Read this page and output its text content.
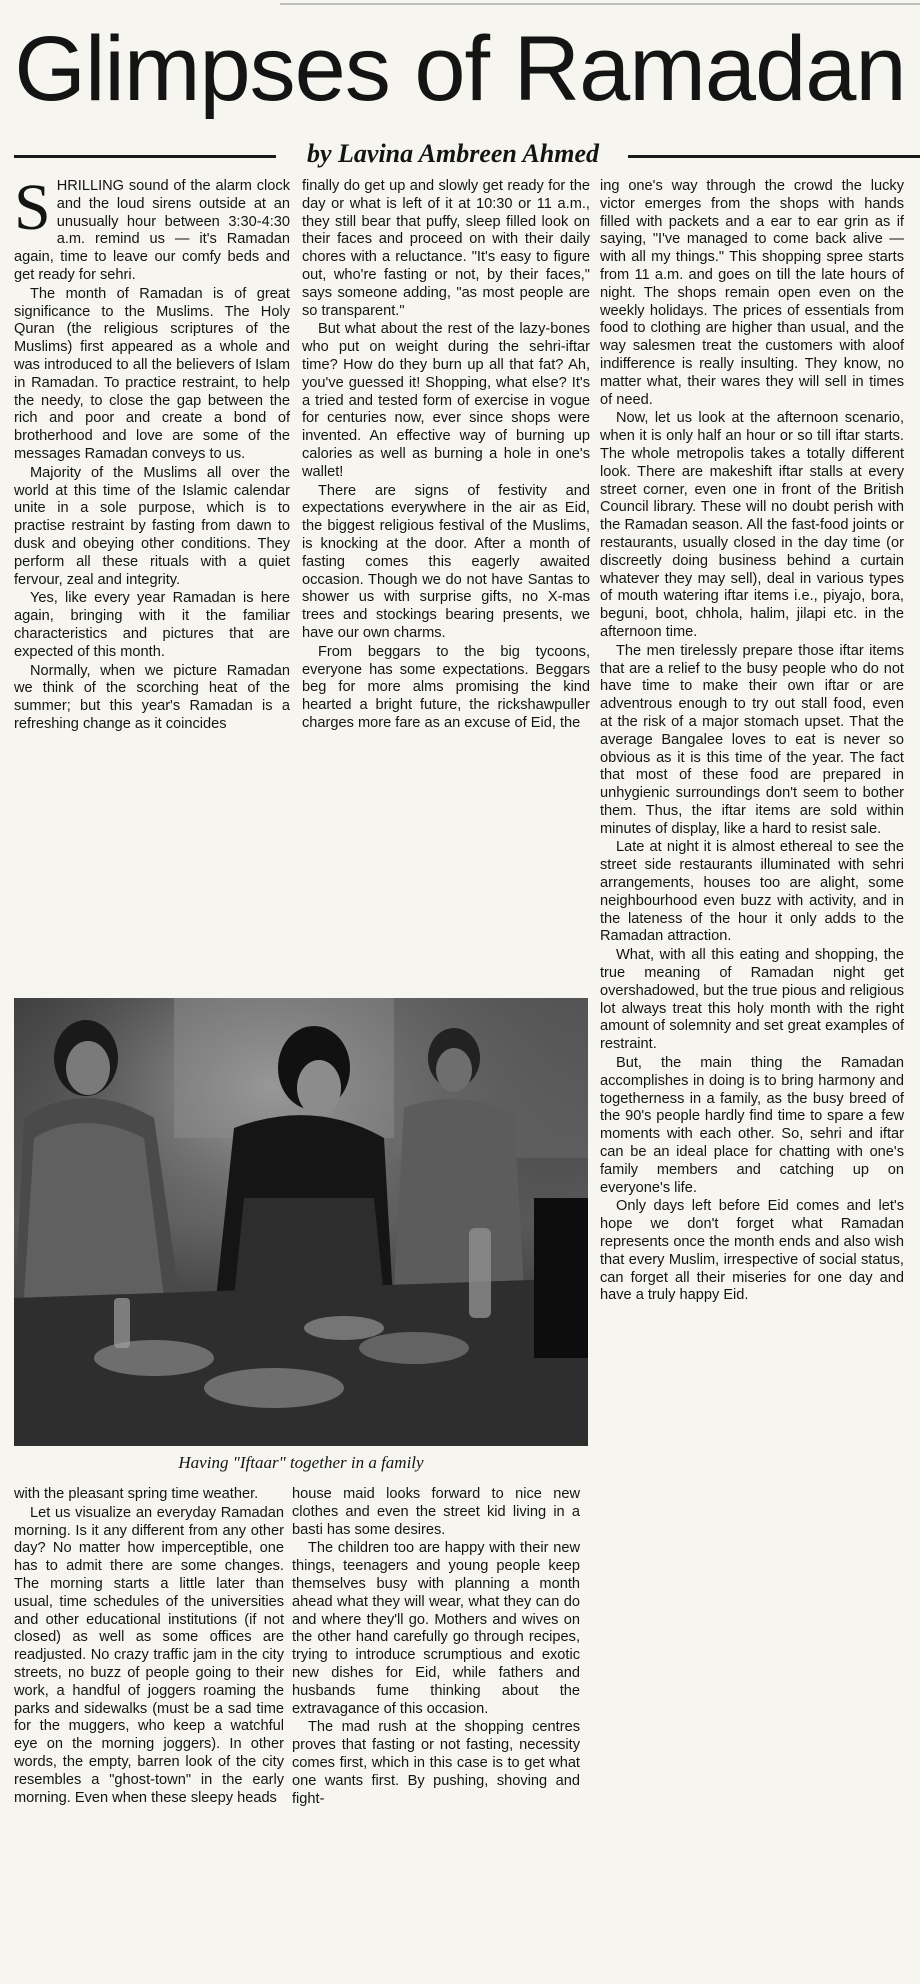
Glimpses of Ramadan
by Lavina Ambreen Ahmed

SHRILLING sound of the alarm clock and the loud sirens outside at an unusually hour between 3:30-4:30 a.m. remind us — it's Ramadan again, time to leave our comfy beds and get ready for sehri.

The month of Ramadan is of great significance to the Muslims. The Holy Quran (the religious scriptures of the Muslims) first appeared as a whole and was introduced to all the believers of Islam in Ramadan. To practice restraint, to help the needy, to close the gap between the rich and poor and create a bond of brotherhood and love are some of the messages Ramadan conveys to us.

Majority of the Muslims all over the world at this time of the Islamic calendar unite in a sole purpose, which is to practise restraint by fasting from dawn to dusk and obeying other conditions. They perform all these rituals with a quiet fervour, zeal and integrity.

Yes, like every year Ramadan is here again, bringing with it the familiar characteristics and pictures that are expected of this month.

Normally, when we picture Ramadan we think of the scorching heat of the summer; but this year's Ramadan is a refreshing change as it coincides

finally do get up and slowly get ready for the day or what is left of it at 10:30 or 11 a.m., they still bear that puffy, sleep filled look on their faces and proceed on with their daily chores with a reluctance. "It's easy to figure out, who're fasting or not, by their faces," says someone adding, "as most people are so transparent."

But what about the rest of the lazy-bones who put on weight during the sehri-iftar time? How do they burn up all that fat? Ah, you've guessed it! Shopping, what else? It's a tried and tested form of exercise in vogue for centuries now, ever since shops were invented. An effective way of burning up calories as well as burning a hole in one's wallet!

There are signs of festivity and expectations everywhere in the air as Eid, the biggest religious festival of the Muslims, is knocking at the door. After a month of fasting comes this eagerly awaited occasion. Though we do not have Santas to shower us with surprise gifts, no X-mas trees and stockings bearing presents, we have our own charms.

From beggars to the big tycoons, everyone has some expectations. Beggars beg for more alms promising the kind hearted a bright future, the rickshawpuller charges more fare as an excuse of Eid, the

ing one's way through the crowd the lucky victor emerges from the shops with hands filled with packets and a ear to ear grin as if saying, "I've managed to come back alive — with all my things." This shopping spree starts from 11 a.m. and goes on till the late hours of night. The shops remain open even on the weekly holidays. The prices of essentials from food to clothing are higher than usual, and the way salesmen treat the customers with aloof indifference is really insulting. They know, no matter what, their wares they will sell in times of need.

Now, let us look at the afternoon scenario, when it is only half an hour or so till iftar starts. The whole metropolis takes a totally different look. There are makeshift iftar stalls at every street corner, even one in front of the British Council library. These will no doubt perish with the Ramadan season. All the fast-food joints or restaurants, usually closed in the day time (or discreetly doing business behind a curtain whatever they may sell), deal in various types of mouth watering iftar items i.e., piyajo, bora, beguni, boot, chhola, halim, jilapi etc. in the afternoon time.

The men tirelessly prepare those iftar items that are a relief to the busy people who do not have time to make their own iftar or are adventrous enough to try out stall food, even at the risk of a major stomach upset. That the average Bangalee loves to eat is never so obvious as it is this time of the year. The fact that most of these food are prepared in unhygienic surroundings don't seem to bother them. Thus, the iftar items are sold within minutes of display, like a hard to resist sale.

Late at night it is almost ethereal to see the street side restaurants illuminated with sehri arrangements, houses too are alight, some neighbourhood even buzz with activity, and in the lateness of the hour it only adds to the Ramadan attraction.

What, with all this eating and shopping, the true meaning of Ramadan night get overshadowed, but the true pious and religious lot always treat this holy month with the right amount of solemnity and set great examples of restraint.

But, the main thing the Ramadan accomplishes in doing is to bring harmony and togetherness in a family, as the busy breed of the 90's people hardly find time to spare a few moments with each other. So, sehri and iftar can be an ideal place for chatting with one's family members and catching up on everyone's life.

Only days left before Eid comes and let's hope we don't forget what Ramadan represents once the month ends and also wish that every Muslim, irrespective of social status, can forget all their miseries for one day and have a truly happy Eid.

Having "Iftaar" together in a family

with the pleasant spring time weather.

Let us visualize an everyday Ramadan morning. Is it any different from any other day? No matter how imperceptible, one has to admit there are some changes. The morning starts a little later than usual, time schedules of the universities and other educational institutions (if not closed) as well as some offices are readjusted. No crazy traffic jam in the city streets, no buzz of people going to their work, a handful of joggers roaming the parks and sidewalks (must be a sad time for the muggers, who keep a watchful eye on the morning joggers). In other words, the empty, barren look of the city resembles a "ghost-town" in the early morning. Even when these sleepy heads

house maid looks forward to nice new clothes and even the street kid living in a basti has some desires.

The children too are happy with their new things, teenagers and young people keep themselves busy with planning a month ahead what they will wear, what they can do and where they'll go. Mothers and wives on the other hand carefully go through recipes, trying to introduce scrumptious and exotic new dishes for Eid, while fathers and husbands fume thinking about the extravagance of this occasion.

The mad rush at the shopping centres proves that fasting or not fasting, necessity comes first, which in this case is to get what one wants first. By pushing, shoving and fight-
